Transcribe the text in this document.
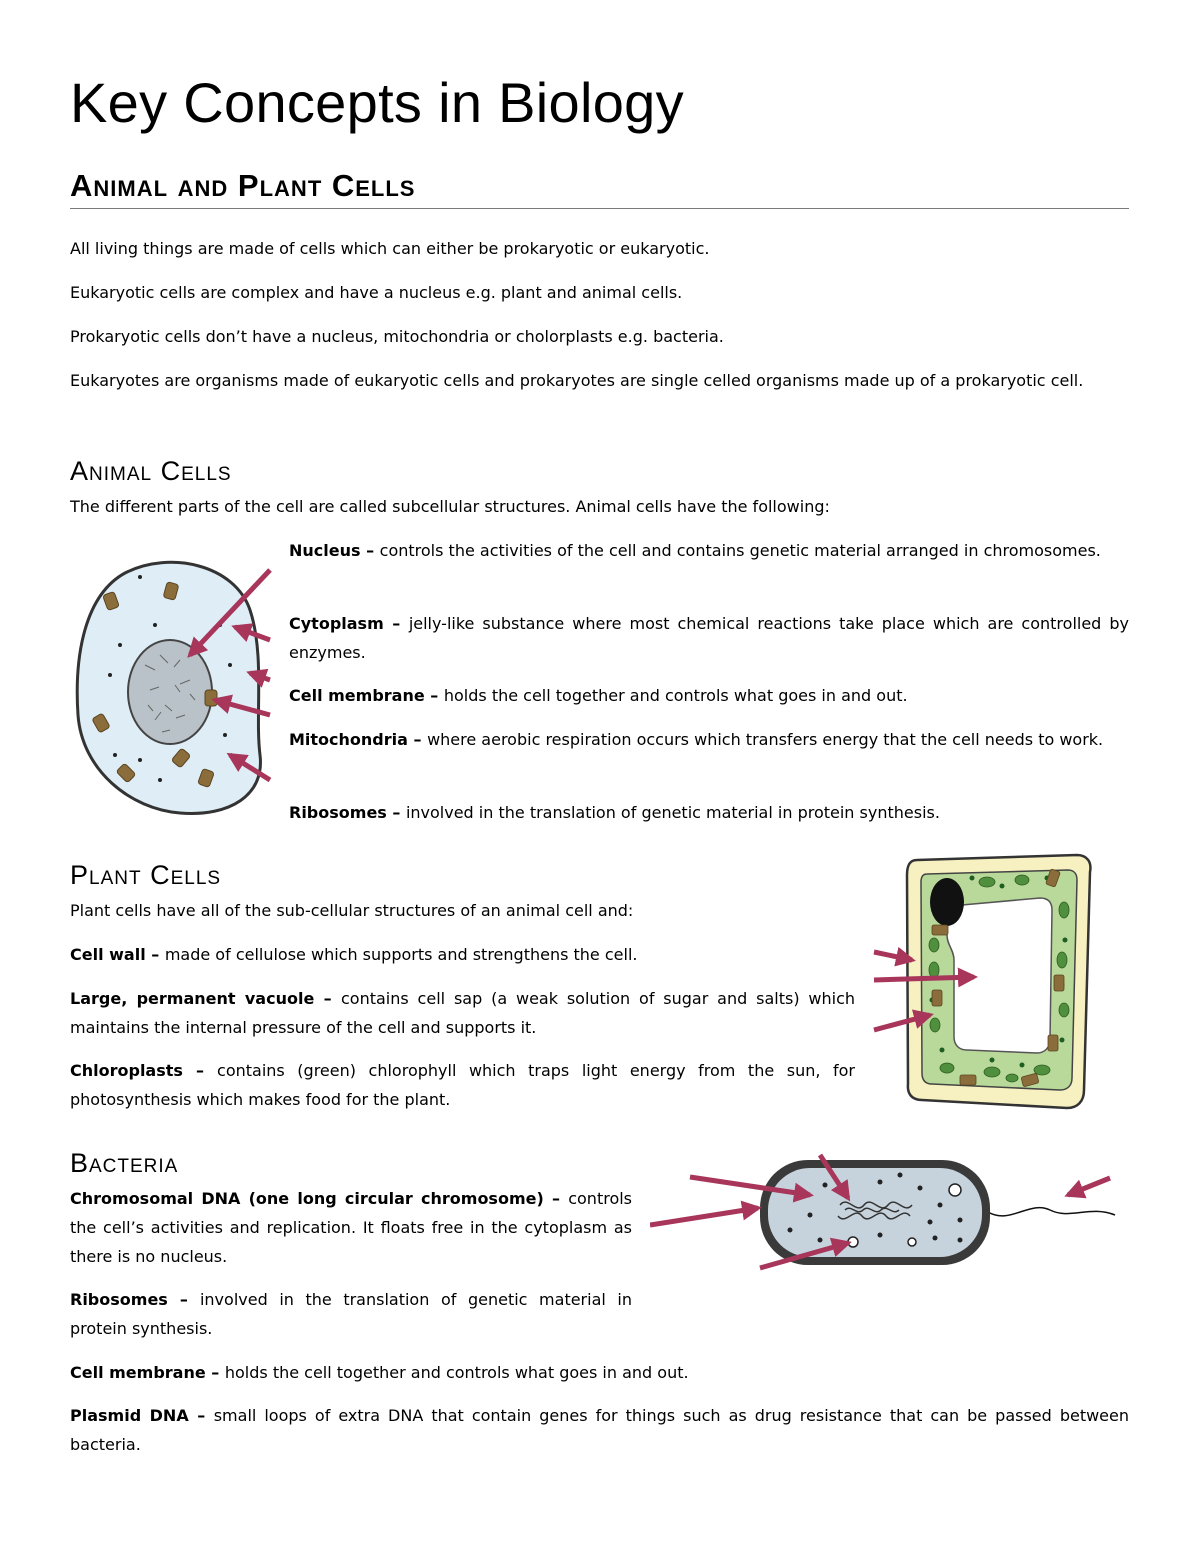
Key Concepts in Biology
Animal and Plant Cells

All living things are made of cells which can either be prokaryotic or eukaryotic.

Eukaryotic cells are complex and have a nucleus e.g. plant and animal cells.

Prokaryotic cells don’t have a nucleus, mitochondria or cholorplasts e.g. bacteria.

Eukaryotes are organisms made of eukaryotic cells and prokaryotes are single celled organisms made up of a prokaryotic cell.

Animal Cells

The different parts of the cell are called subcellular structures. Animal cells have the following:

Nucleus – controls the activities of the cell and contains genetic material arranged in chromosomes.

Cytoplasm – jelly-like substance where most chemical reactions take place which are controlled by enzymes.

Cell membrane – holds the cell together and controls what goes in and out.

Mitochondria – where aerobic respiration occurs which transfers energy that the cell needs to work.

Ribosomes – involved in the translation of genetic material in protein synthesis.

Plant Cells

Plant cells have all of the sub-cellular structures of an animal cell and:

Cell wall – made of cellulose which supports and strengthens the cell.

Large, permanent vacuole – contains cell sap (a weak solution of sugar and salts) which maintains the internal pressure of the cell and supports it.

Chloroplasts – contains (green) chlorophyll which traps light energy from the sun, for photosynthesis which makes food for the plant.

Bacteria

Chromosomal DNA (one long circular chromosome) – controls the cell’s activities and replication. It floats free in the cytoplasm as there is no nucleus.

Ribosomes – involved in the translation of genetic material in protein synthesis.

Cell membrane – holds the cell together and controls what goes in and out.

Plasmid DNA – small loops of extra DNA that contain genes for things such as drug resistance that can be passed between bacteria.
